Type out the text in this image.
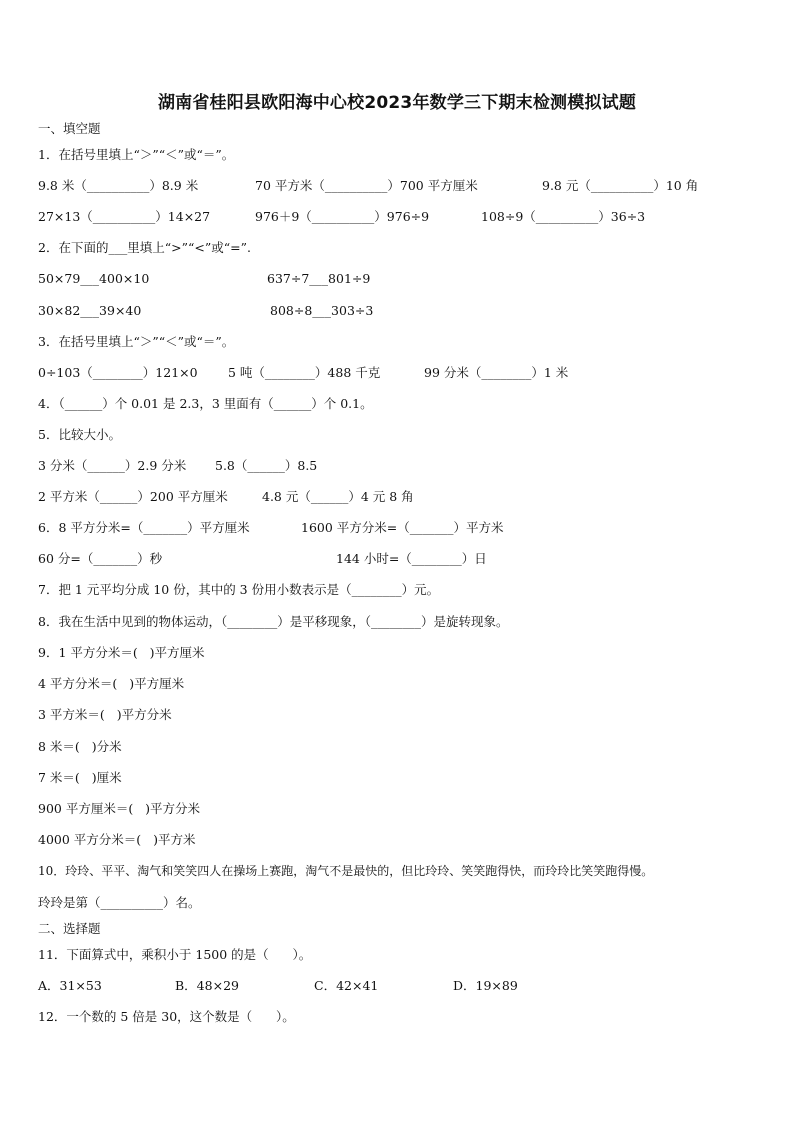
湖南省桂阳县欧阳海中心校2023年数学三下期末检测模拟试题
一、填空题
1．在括号里填上“＞”“＜”或“＝”。
9.8 米（__________）8.9 米	70 平方米（__________）700 平方厘米	9.8 元（__________）10 角
27×13（__________）14×27	976＋9（__________）976÷9	108÷9（__________）36÷3
2．在下面的___里填上“>”“<”或“=”.
50×79___400×10	637÷7___801÷9
30×82___39×40	808÷8___303÷3
3．在括号里填上“＞”“＜”或“＝”。
0÷103（________）121×0 5 吨（________）488 千克	99 分米（________）1 米
4．（______）个 0.01 是 2.3，3 里面有（______）个 0.1。
5．比较大小。
3 分米（______）2.9 分米 5.8（______）8.5
2 平方米（______）200 平方厘米	4.8 元（______）4 元 8 角
6．8 平方分米=（_______）平方厘米	1600 平方分米=（_______）平方米
60 分=（_______）秒	144 小时=（________）日
7．把 1 元平均分成 10 份，其中的 3 份用小数表示是（________）元。
8．我在生活中见到的物体运动，（________）是平移现象，（________）是旋转现象。
9．1 平方分米＝(   )平方厘米
4 平方分米＝(   )平方厘米
3 平方米＝(   )平方分米
8 米＝(   )分米
7 米＝(   )厘米
900 平方厘米＝(   )平方分米
4000 平方分米＝(   )平方米
10．玲玲、平平、淘气和笑笑四人在操场上赛跑，淘气不是最快的，但比玲玲、笑笑跑得快，而玲玲比笑笑跑得慢。
玲玲是第（__________）名。
二、选择题
11．下面算式中，乘积小于 1500 的是（      ）。
A．31×53	B．48×29	C．42×41	D．19×89
12．一个数的 5 倍是 30，这个数是（      ）。
